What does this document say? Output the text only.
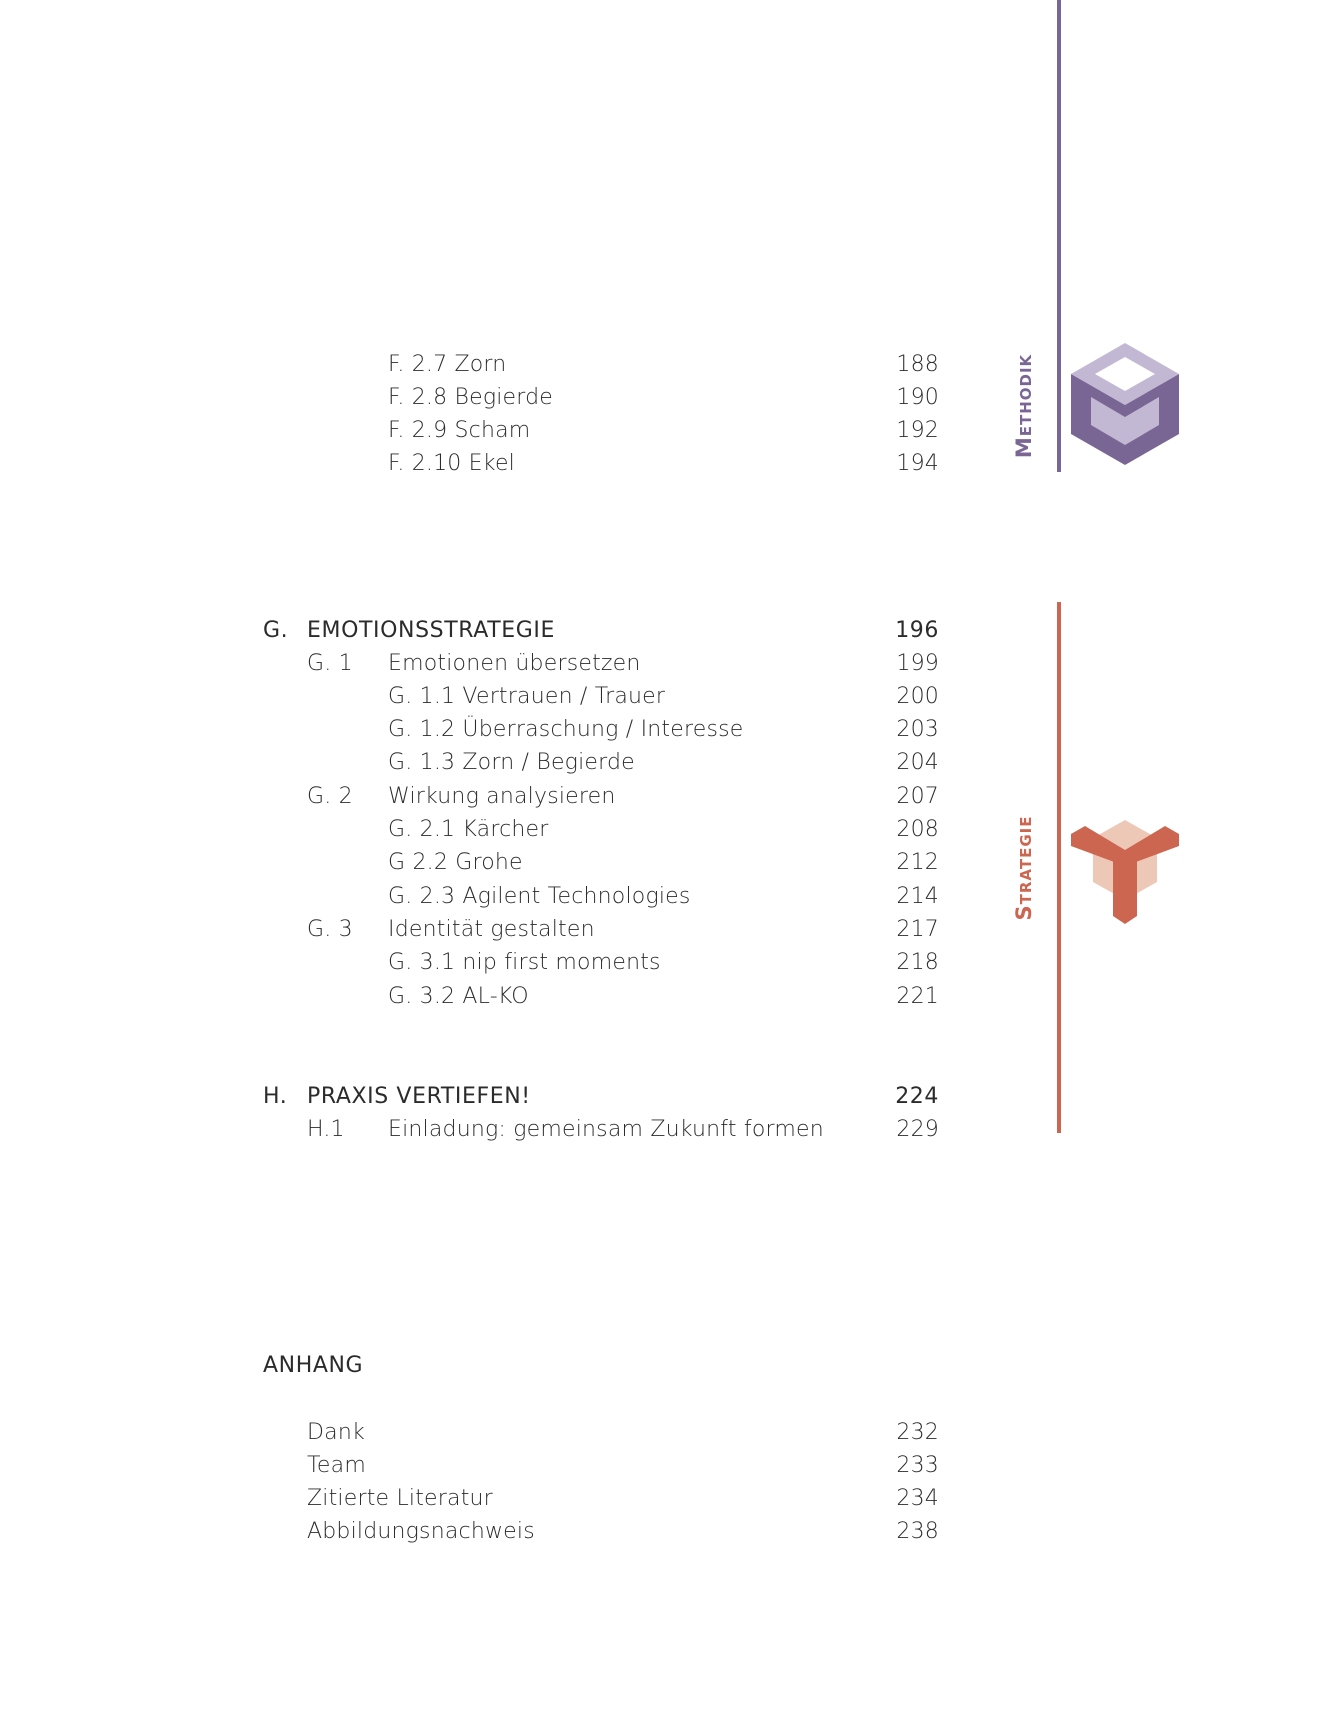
F. 2.7 Zorn	188
F. 2.8 Begierde	190
F. 2.9 Scham	192
F. 2.10 Ekel	194
G. EMOTIONSSTRATEGIE	196
G. 1 Emotionen übersetzen	199
G. 1.1 Vertrauen / Trauer	200
G. 1.2 Überraschung / Interesse	203
G. 1.3 Zorn / Begierde	204
G. 2 Wirkung analysieren	207
G. 2.1 Kärcher	208
G 2.2 Grohe	212
G. 2.3 Agilent Technologies	214
G. 3 Identität gestalten	217
G. 3.1 nip first moments	218
G. 3.2 AL-KO	221
H. PRAXIS VERTIEFEN!	224
H.1 Einladung: gemeinsam Zukunft formen	229
ANHANG
Dank	232
Team	233
Zitierte Literatur	234
Abbildungsnachweis	238
Methodik
Strategie
